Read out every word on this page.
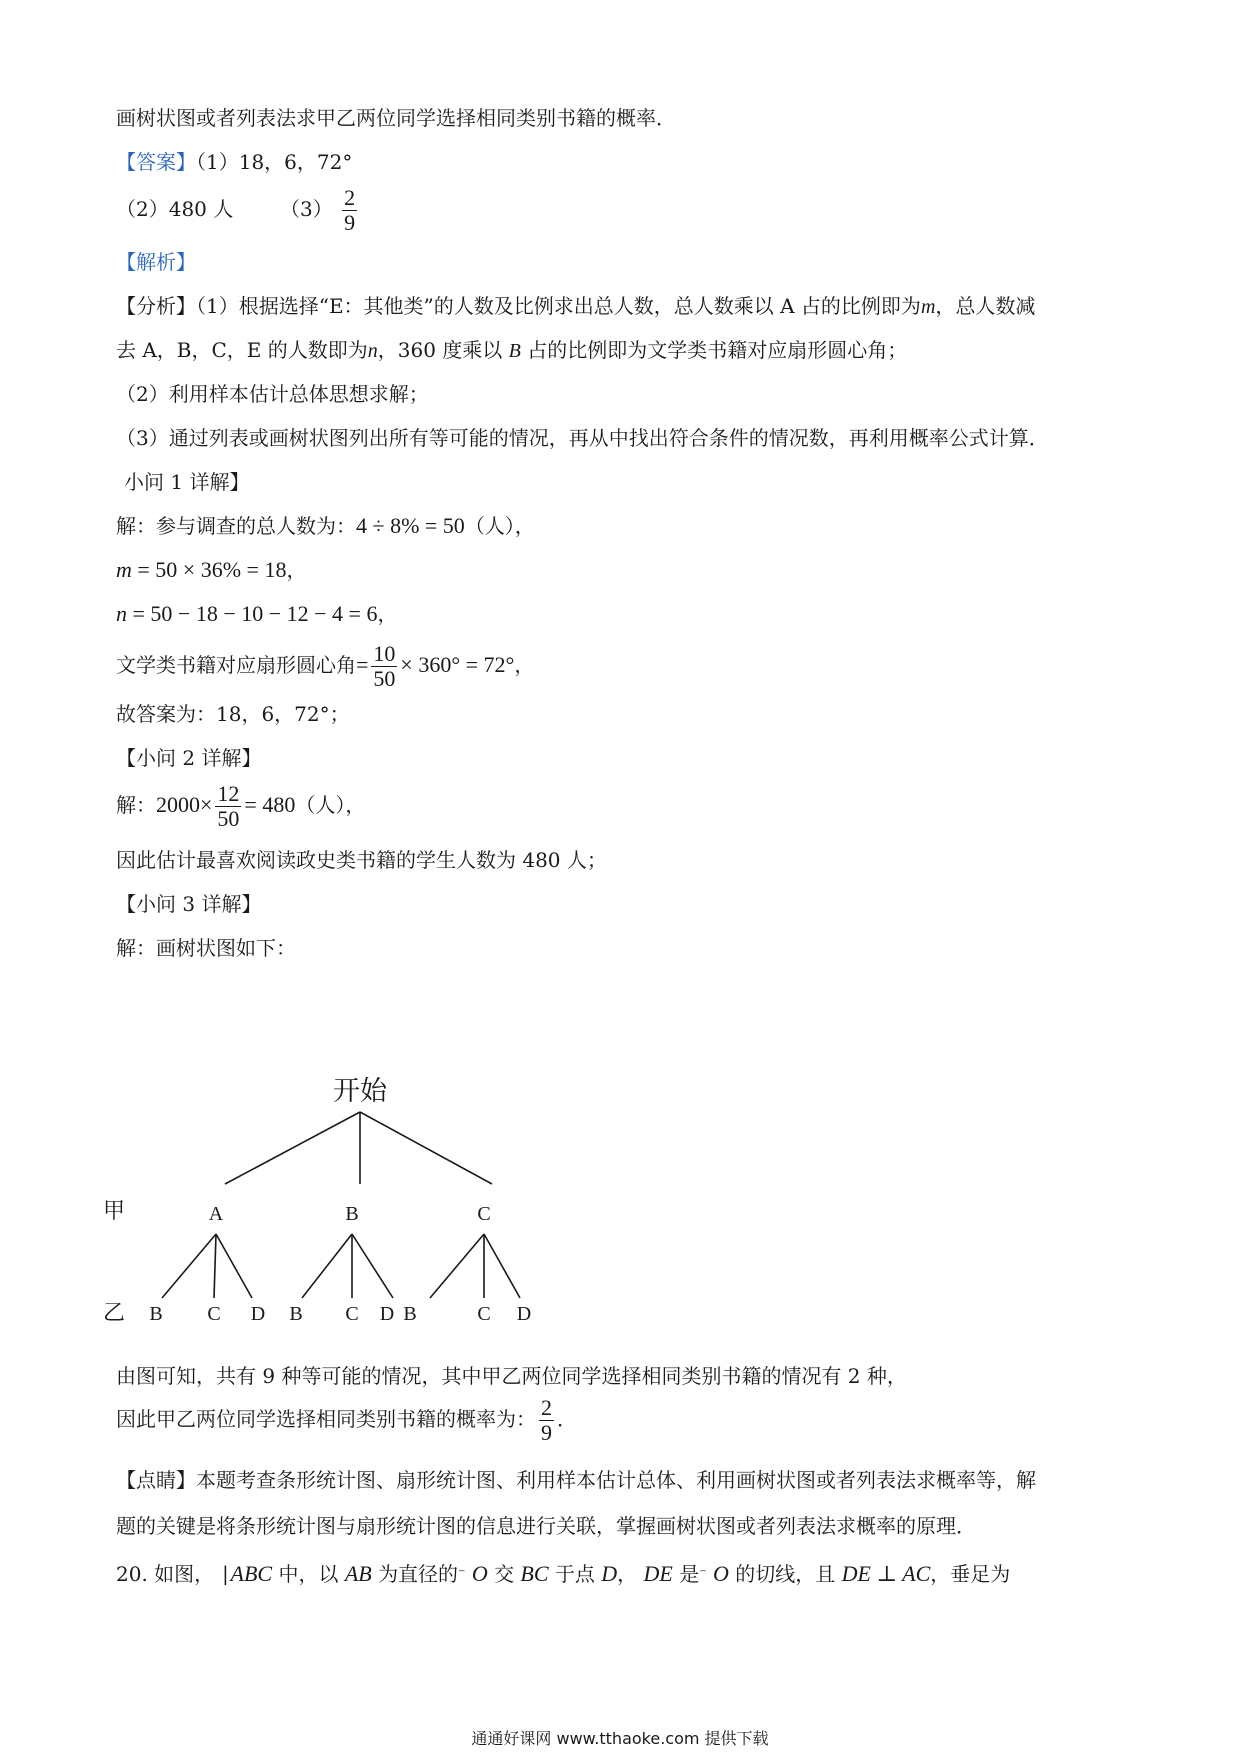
画树状图或者列表法求甲乙两位同学选择相同类别书籍的概率．
【答案】（1）18，6，72°
（2）480 人 $(3) \frac{2}{9}$
【解析】
【分析】（1）根据选择“E：其他类”的人数及比例求出总人数，总人数乘以 A 占的比例即为m，总人数减
去 A，B，C，E 的人数即为n，360 度乘以 B 占的比例即为文学类书籍对应扇形圆心角；
（2）利用样本估计总体思想求解；
（3）通过列表或画树状图列出所有等可能的情况，再从中找出符合条件的情况数，再利用概率公式计算．
小问 1 详解】
解：参与调查的总人数为：4 ÷ 8% = 50（人），
m = 50 × 36% = 18，
n = 50 − 18 − 10 − 12 − 4 = 6，
文学类书籍对应扇形圆心角= $\frac{10}{50} \times 360^\circ = 72^\circ$，
故答案为：18，6，72°；
【小问 2 详解】
解：$2000\times \frac{12}{50} = 480$（人），
因此估计最喜欢阅读政史类书籍的学生人数为 480 人；
【小问 3 详解】
解：画树状图如下：
开始
甲
乙
A	B	C
B C D B C D B	C D
由图可知，共有 9 种等可能的情况，其中甲乙两位同学选择相同类别书籍的情况有 2 种，
因此甲乙两位同学选择相同类别书籍的概率为： $\frac{2}{9}$ ．
【点睛】本题考查条形统计图、扇形统计图、利用样本估计总体、利用画树状图或者列表法求概率等，解
题的关键是将条形统计图与扇形统计图的信息进行关联，掌握画树状图或者列表法求概率的原理．
20. 如图， ∣ABC 中，以 AB 为直径的⁻ O 交 BC 于点 D， DE 是⁻ O 的切线，且 DE ⊥ AC，垂足为
通通好课网 www.tthaoke.com 提供下载
